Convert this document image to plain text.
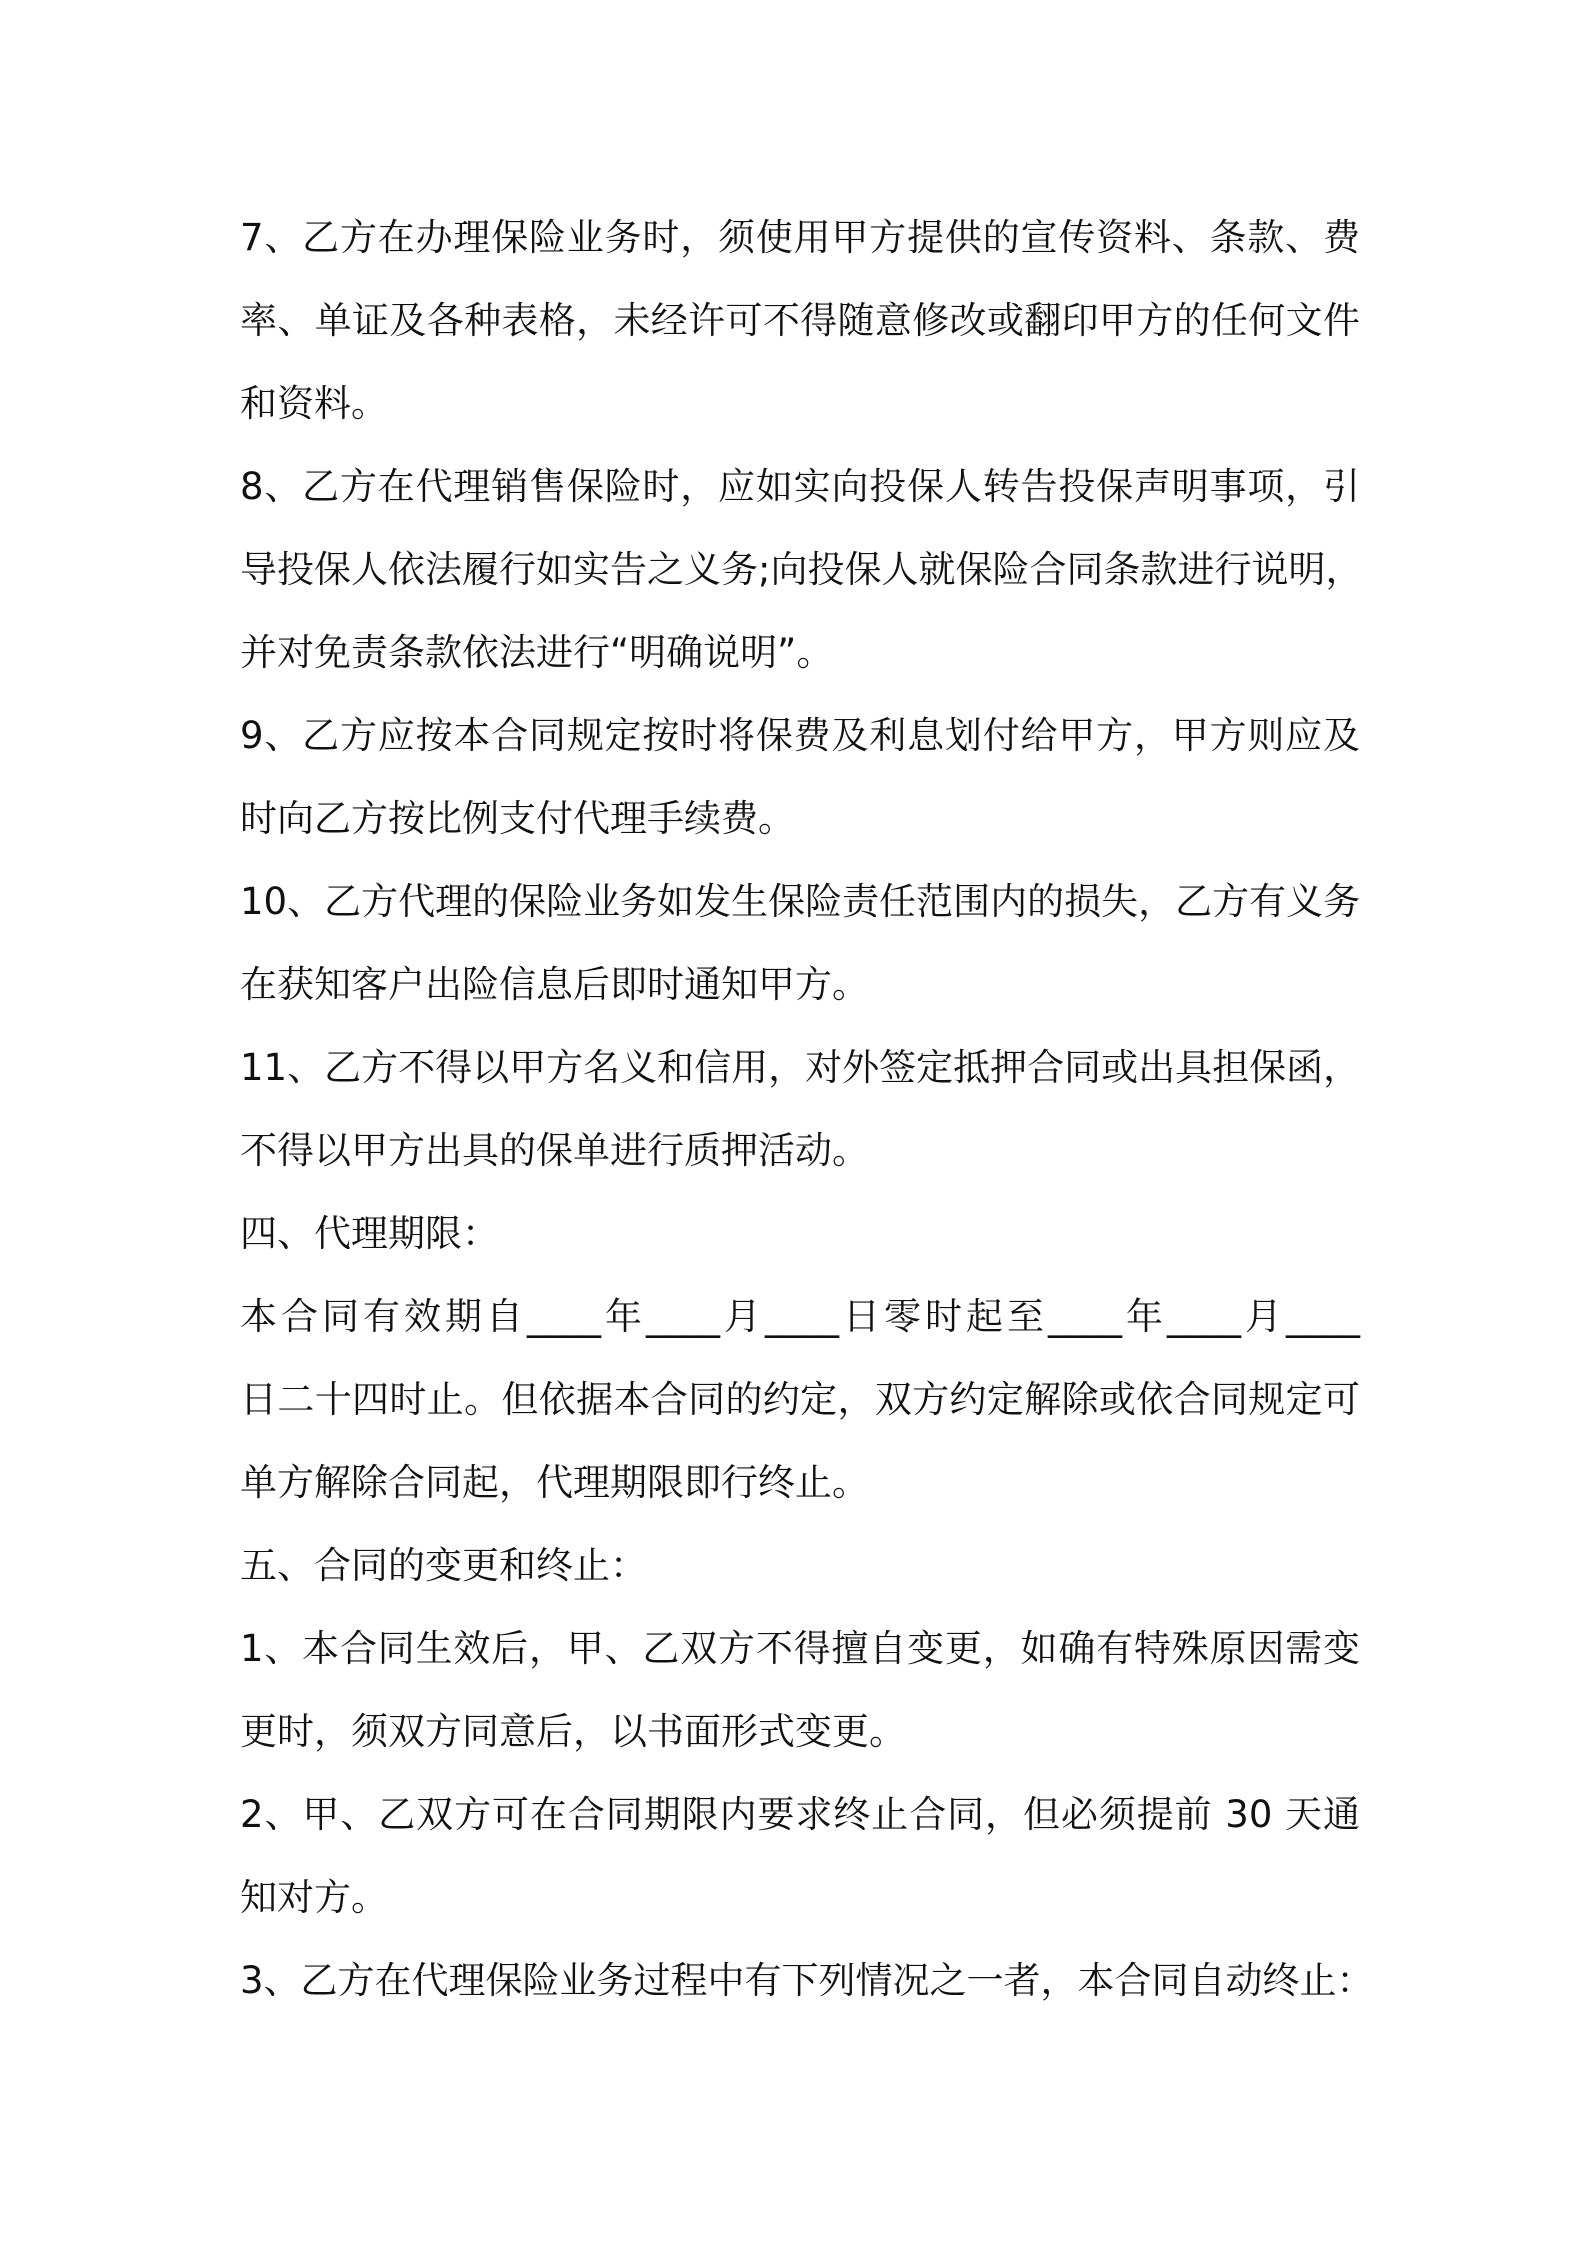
7、乙方在办理保险业务时，须使用甲方提供的宣传资料、条款、费
率、单证及各种表格，未经许可不得随意修改或翻印甲方的任何文件
和资料。
8、乙方在代理销售保险时，应如实向投保人转告投保声明事项，引
导投保人依法履行如实告之义务;向投保人就保险合同条款进行说明，
并对免责条款依法进行“明确说明”。
9、乙方应按本合同规定按时将保费及利息划付给甲方，甲方则应及
时向乙方按比例支付代理手续费。
10、乙方代理的保险业务如发生保险责任范围内的损失，乙方有义务
在获知客户出险信息后即时通知甲方。
11、乙方不得以甲方名义和信用，对外签定抵押合同或出具担保函，
不得以甲方出具的保单进行质押活动。
四、代理期限：
本合同有效期自____年____月____日零时起至____年____月____
日二十四时止。但依据本合同的约定，双方约定解除或依合同规定可
单方解除合同起，代理期限即行终止。
五、合同的变更和终止：
1、本合同生效后，甲、乙双方不得擅自变更，如确有特殊原因需变
更时，须双方同意后，以书面形式变更。
2、甲、乙双方可在合同期限内要求终止合同，但必须提前 30 天通
知对方。
3、乙方在代理保险业务过程中有下列情况之一者，本合同自动终止：
